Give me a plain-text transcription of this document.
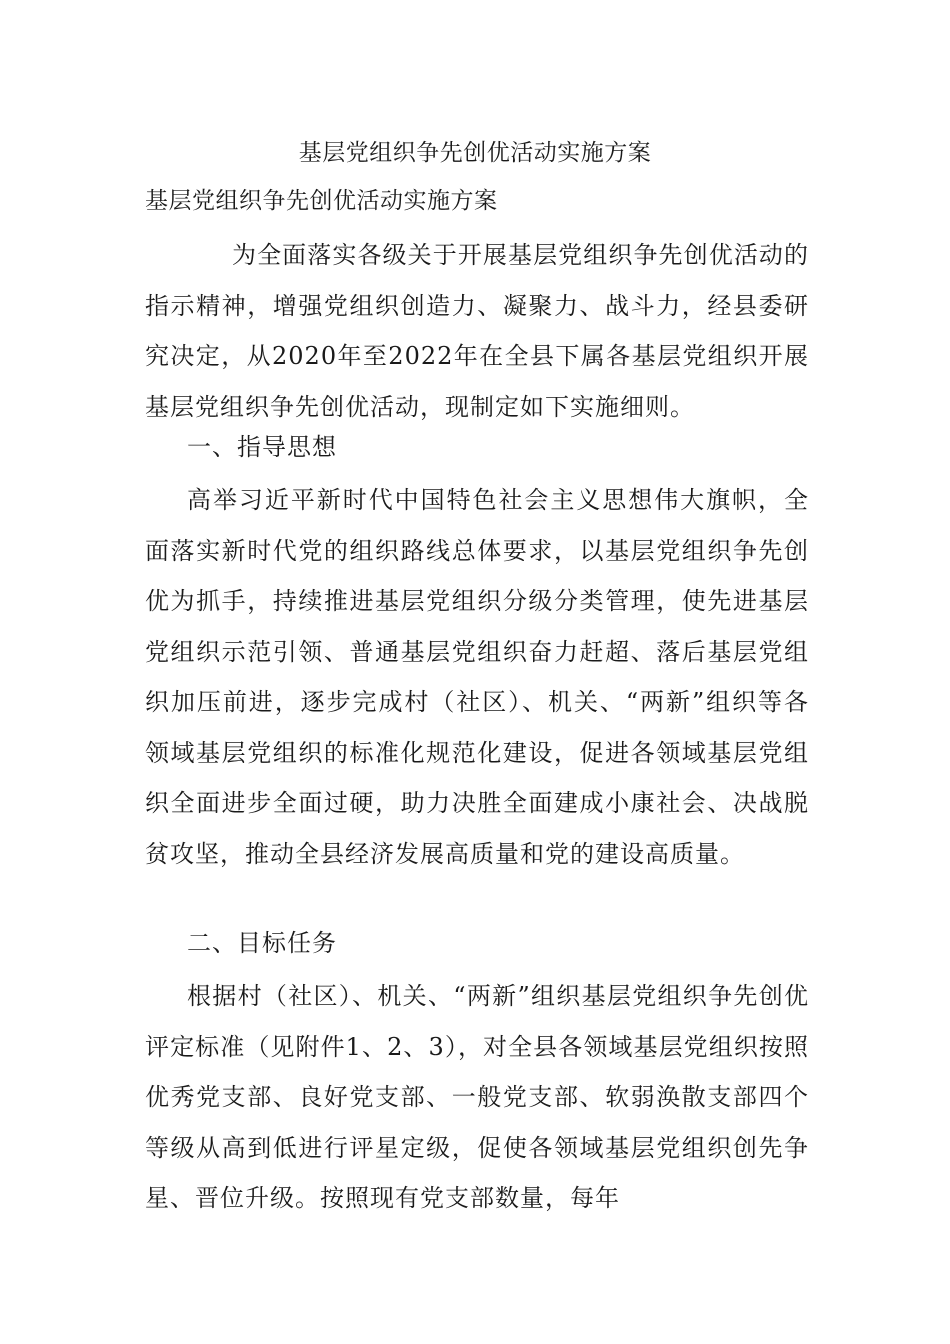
基层党组织争先创优活动实施方案
基层党组织争先创优活动实施方案
为全面落实各级关于开展基层党组织争先创优活动的指示精神，增强党组织创造力、凝聚力、战斗力，经县委研究决定，从2020年至2022年在全县下属各基层党组织开展基层党组织争先创优活动，现制定如下实施细则。
一、指导思想
高举习近平新时代中国特色社会主义思想伟大旗帜，全面落实新时代党的组织路线总体要求，以基层党组织争先创优为抓手，持续推进基层党组织分级分类管理，使先进基层党组织示范引领、普通基层党组织奋力赶超、落后基层党组织加压前进，逐步完成村（社区）、机关、“两新”组织等各领域基层党组织的标准化规范化建设，促进各领域基层党组织全面进步全面过硬，助力决胜全面建成小康社会、决战脱贫攻坚，推动全县经济发展高质量和党的建设高质量。
二、目标任务
根据村（社区）、机关、“两新”组织基层党组织争先创优评定标准（见附件1、2、3），对全县各领域基层党组织按照优秀党支部、良好党支部、一般党支部、软弱涣散支部四个等级从高到低进行评星定级，促使各领域基层党组织创先争星、晋位升级。按照现有党支部数量，每年
